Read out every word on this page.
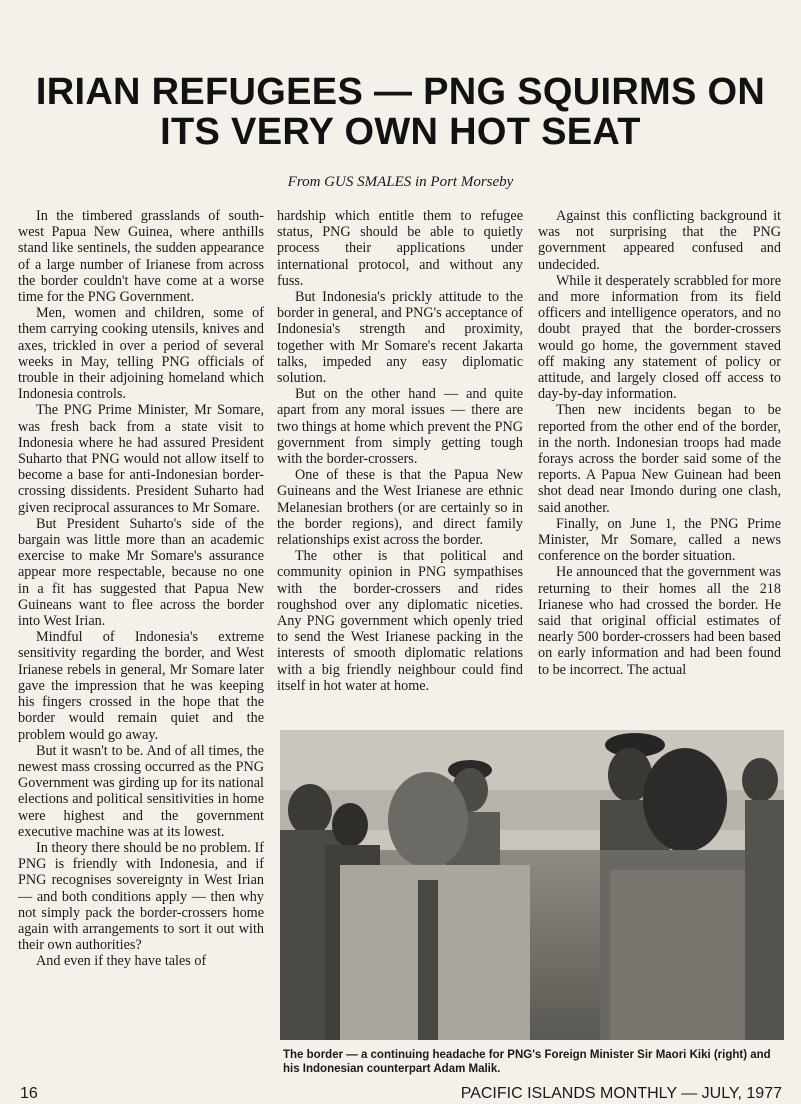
IRIAN REFUGEES — PNG SQUIRMS ON
ITS VERY OWN HOT SEAT
From GUS SMALES in Port Morseby

In the timbered grasslands of south-west Papua New Guinea, where anthills stand like sentinels, the sudden appearance of a large number of Irianese from across the border couldn't have come at a worse time for the PNG Government.

Men, women and children, some of them carrying cooking utensils, knives and axes, trickled in over a period of several weeks in May, telling PNG officials of trouble in their adjoining homeland which Indonesia controls.

The PNG Prime Minister, Mr Somare, was fresh back from a state visit to Indonesia where he had assured President Suharto that PNG would not allow itself to become a base for anti-Indonesian border-crossing dissidents. President Suharto had given reciprocal assurances to Mr Somare.

But President Suharto's side of the bargain was little more than an academic exercise to make Mr Somare's assurance appear more respectable, because no one in a fit has suggested that Papua New Guineans want to flee across the border into West Irian.

Mindful of Indonesia's extreme sensitivity regarding the border, and West Irianese rebels in general, Mr Somare later gave the impression that he was keeping his fingers crossed in the hope that the border would remain quiet and the problem would go away.

But it wasn't to be. And of all times, the newest mass crossing occurred as the PNG Government was girding up for its national elections and political sensitivities in home were highest and the government executive machine was at its lowest.

In theory there should be no problem. If PNG is friendly with Indonesia, and if PNG recognises sovereignty in West Irian — and both conditions apply — then why not simply pack the border-crossers home again with arrangements to sort it out with their own authorities?

And even if they have tales of

hardship which entitle them to refugee status, PNG should be able to quietly process their applications under international protocol, and without any fuss.

But Indonesia's prickly attitude to the border in general, and PNG's acceptance of Indonesia's strength and proximity, together with Mr Somare's recent Jakarta talks, impeded any easy diplomatic solution.

But on the other hand — and quite apart from any moral issues — there are two things at home which prevent the PNG government from simply getting tough with the border-crossers.

One of these is that the Papua New Guineans and the West Irianese are ethnic Melanesian brothers (or are certainly so in the border regions), and direct family relationships exist across the border.

The other is that political and community opinion in PNG sympathises with the border-crossers and rides roughshod over any diplomatic niceties. Any PNG government which openly tried to send the West Irianese packing in the interests of smooth diplomatic relations with a big friendly neighbour could find itself in hot water at home.

Against this conflicting background it was not surprising that the PNG government appeared confused and undecided.

While it desperately scrabbled for more and more information from its field officers and intelligence operators, and no doubt prayed that the border-crossers would go home, the government staved off making any statement of policy or attitude, and largely closed off access to day-by-day information.

Then new incidents began to be reported from the other end of the border, in the north. Indonesian troops had made forays across the border said some of the reports. A Papua New Guinean had been shot dead near Imondo during one clash, said another.

Finally, on June 1, the PNG Prime Minister, Mr Somare, called a news conference on the border situation.

He announced that the government was returning to their homes all the 218 Irianese who had crossed the border. He said that original official estimates of nearly 500 border-crossers had been based on early information and had been found to be incorrect. The actual

The border — a continuing headache for PNG's Foreign Minister Sir Maori Kiki (right) and his Indonesian counterpart Adam Malik.
16	PACIFIC ISLANDS MONTHLY — JULY, 1977
